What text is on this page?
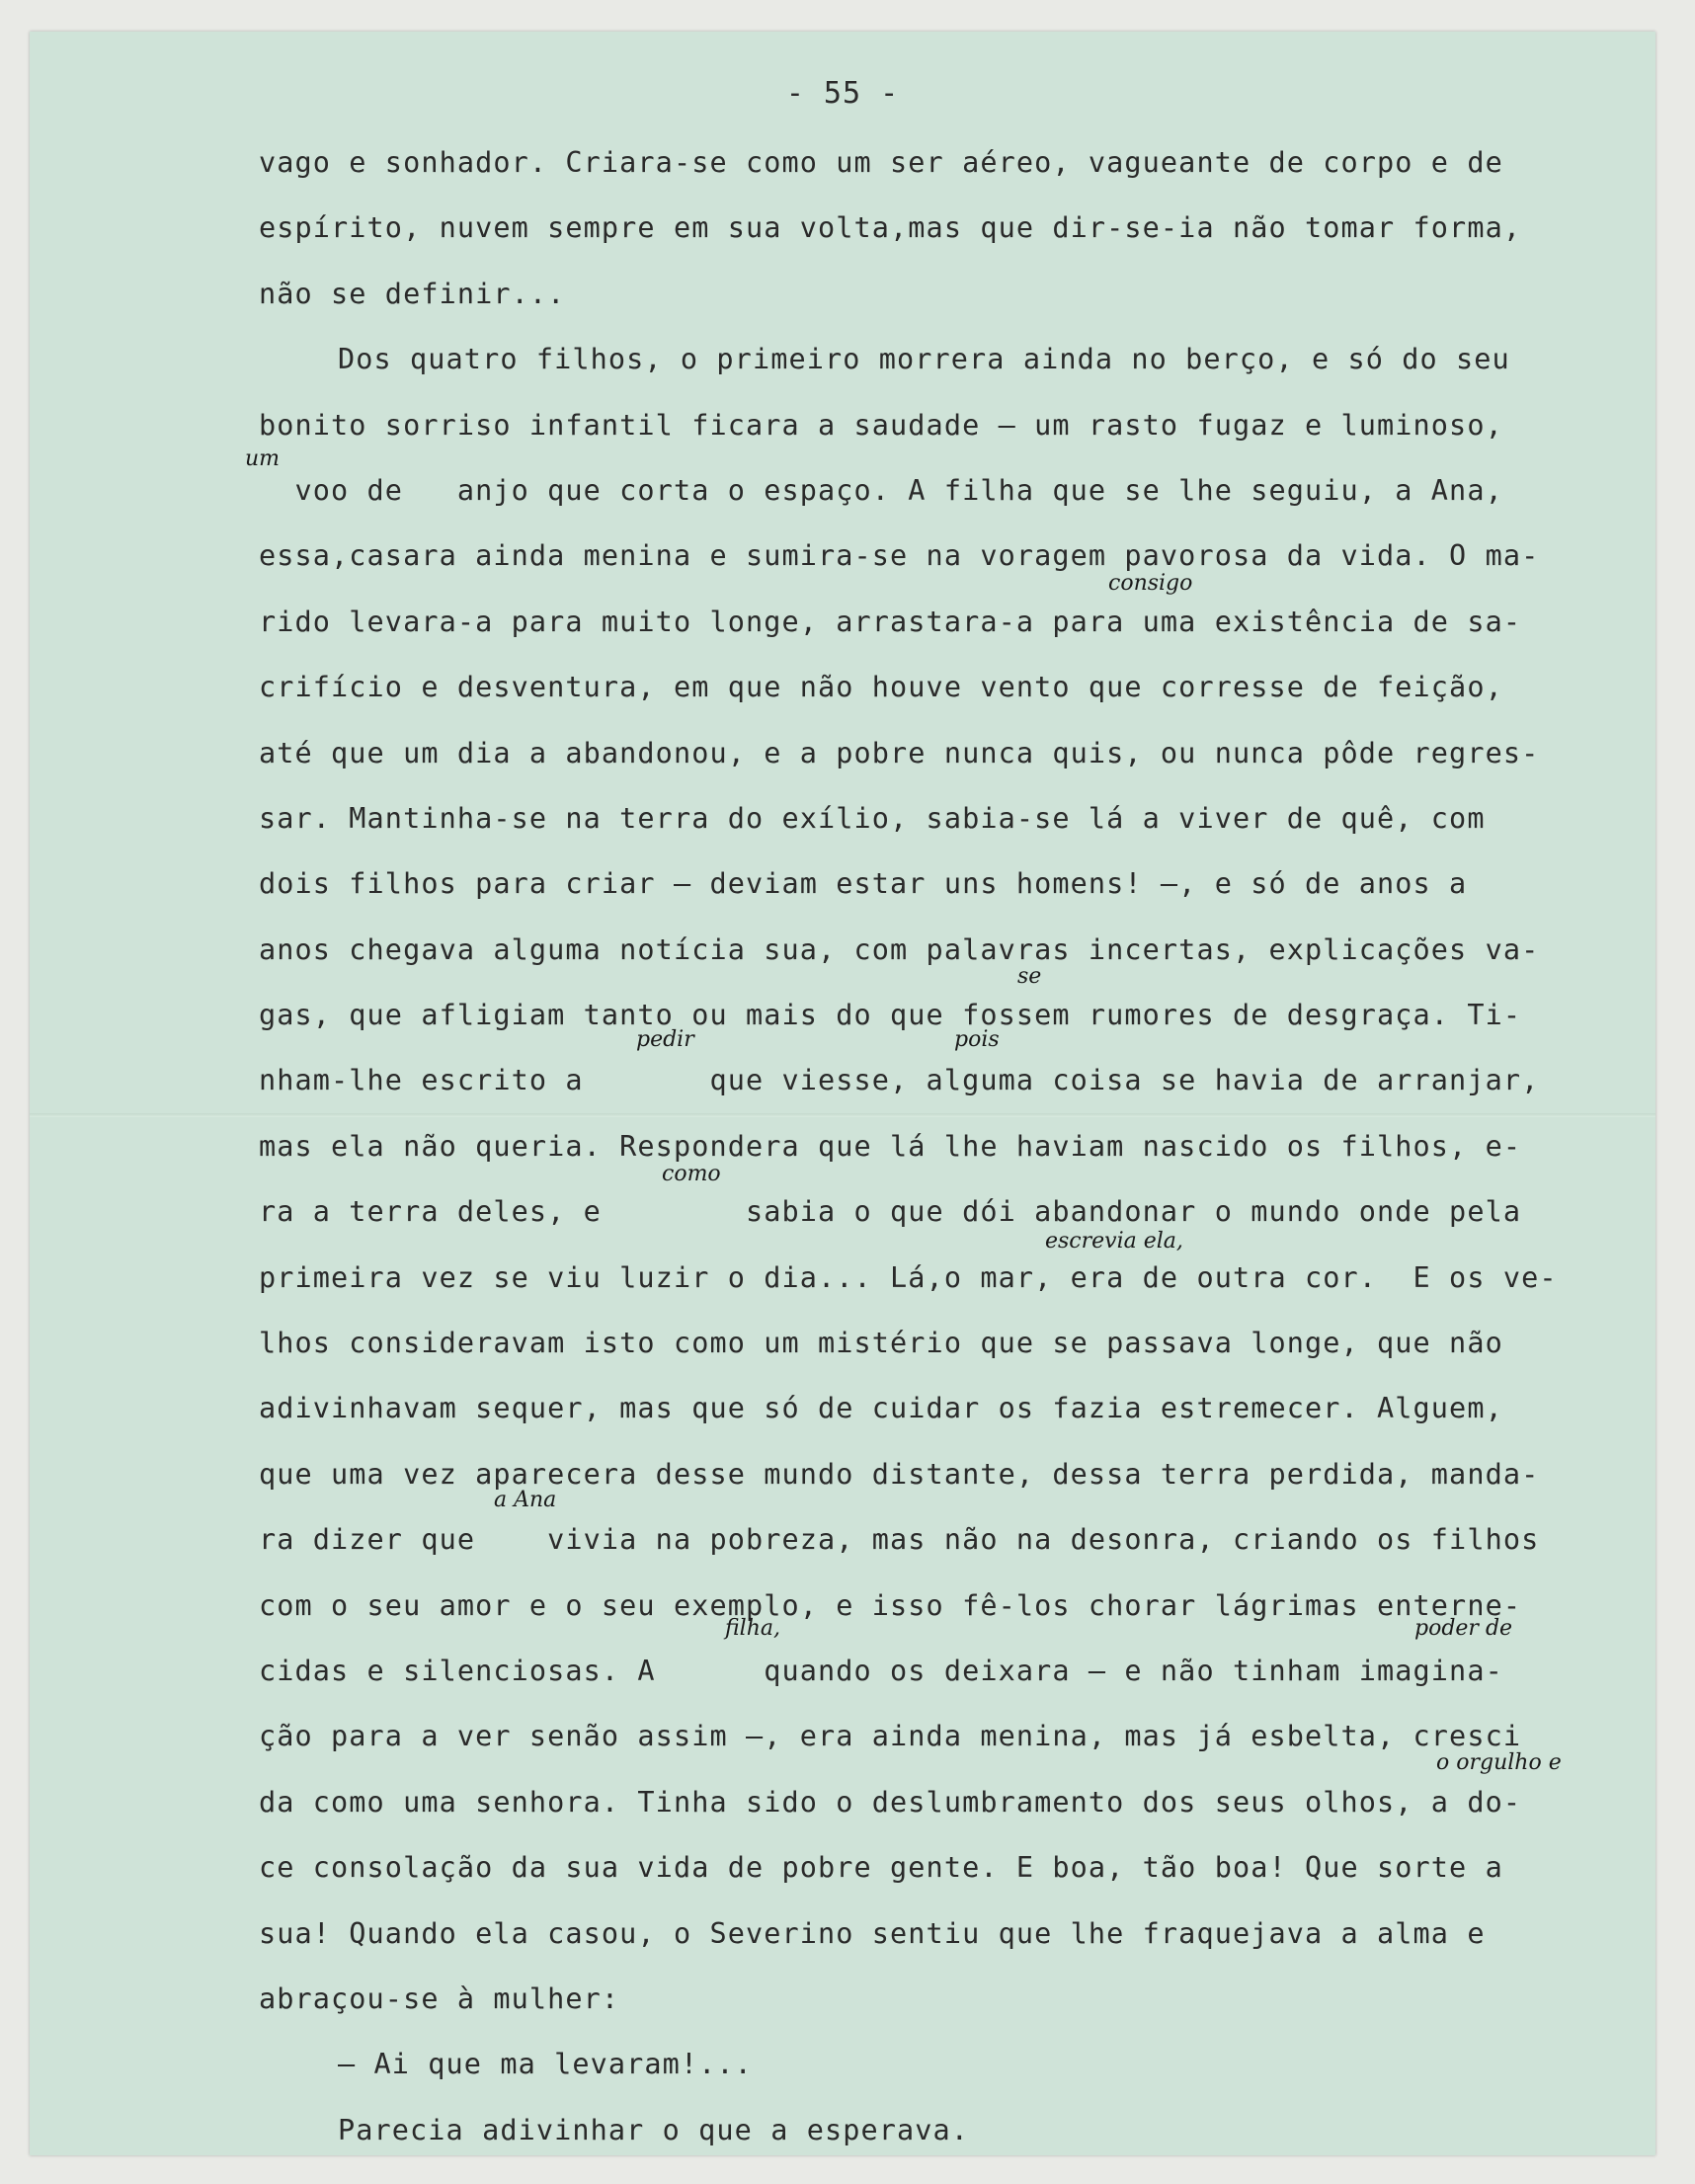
- 55 -
vago e sonhador. Criara-se como um ser aéreo, vagueante de corpo e de
espírito, nuvem sempre em sua volta,mas que dir-se-ia não tomar forma,
não se definir...
Dos quatro filhos, o primeiro morrera ainda no berço, e só do seu
bonito sorriso infantil ficara a saudade — um rasto fugaz e luminoso,
voo de   anjo que corta o espaço. A filha que se lhe seguiu, a Ana,
essa,casara ainda menina e sumira-se na voragem pavorosa da vida. O ma-
rido levara-a para muito longe, arrastara-a para uma existência de sa-
crifício e desventura, em que não houve vento que corresse de feição,
até que um dia a abandonou, e a pobre nunca quis, ou nunca pôde regres-
sar. Mantinha-se na terra do exílio, sabia-se lá a viver de quê, com
dois filhos para criar — deviam estar uns homens! —, e só de anos a
anos chegava alguma notícia sua, com palavras incertas, explicações va-
gas, que afligiam tanto ou mais do que fossem rumores de desgraça. Ti-
nham-lhe escrito a       que viesse, alguma coisa se havia de arranjar,
mas ela não queria. Respondera que lá lhe haviam nascido os filhos, e-
ra a terra deles, e        sabia o que dói abandonar o mundo onde pela
primeira vez se viu luzir o dia... Lá,o mar, era de outra cor.  E os ve-
lhos consideravam isto como um mistério que se passava longe, que não
adivinhavam sequer, mas que só de cuidar os fazia estremecer. Alguem,
que uma vez aparecera desse mundo distante, dessa terra perdida, manda-
ra dizer que    vivia na pobreza, mas não na desonra, criando os filhos
com o seu amor e o seu exemplo, e isso fê-los chorar lágrimas enterne-
cidas e silenciosas. A      quando os deixara — e não tinham imagina-
ção para a ver senão assim —, era ainda menina, mas já esbelta, cresci
da como uma senhora. Tinha sido o deslumbramento dos seus olhos, a do-
ce consolação da sua vida de pobre gente. E boa, tão boa! Que sorte a
sua! Quando ela casou, o Severino sentiu que lhe fraquejava a alma e
abraçou-se à mulher:
— Ai que ma levaram!...
Parecia adivinhar o que a esperava.
um
consigo
se
pedir	pois
como
escrevia ela,
a Ana
filha,	poder de
o orgulho e
